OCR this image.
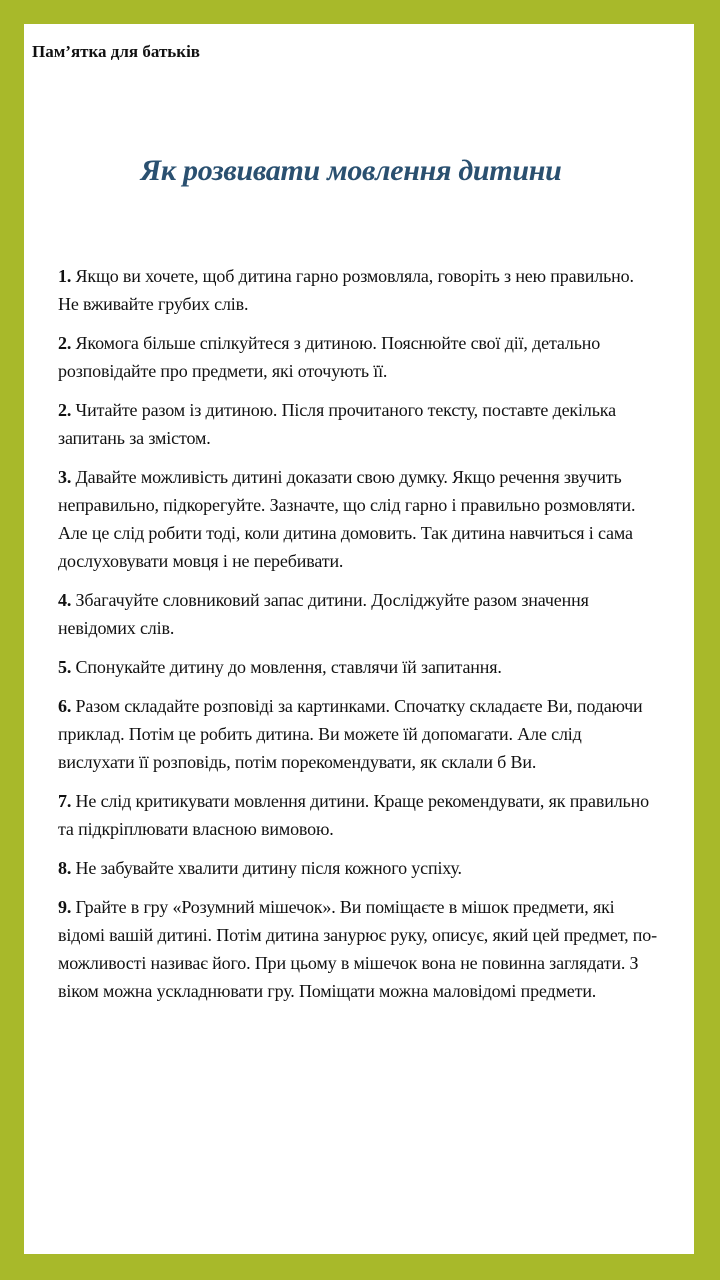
Пам’ятка для батьків
Як розвивати мовлення дитини
1. Якщо ви хочете, щоб дитина гарно розмовляла, говоріть з нею правильно. Не вживайте грубих слів.
2. Якомога більше спілкуйтеся з дитиною. Пояснюйте свої дії, детально розповідайте про предмети, які оточують її.
2. Читайте разом із дитиною. Після прочитаного тексту, поставте декілька запитань за змістом.
3. Давайте можливість дитині доказати свою думку. Якщо речення звучить неправильно, підкорегуйте. Зазначте, що слід гарно і правильно розмовляти. Але це слід робити тоді, коли дитина домовить. Так дитина навчиться і сама дослуховувати мовця і не перебивати.
4. Збагачуйте словниковий запас дитини. Досліджуйте разом значення невідомих слів.
5. Спонукайте дитину до мовлення, ставлячи їй запитання.
6. Разом складайте розповіді за картинками. Спочатку складаєте Ви, подаючи приклад. Потім це робить дитина. Ви можете їй допомагати. Але слід вислухати її розповідь, потім порекомендувати, як склали б Ви.
7. Не слід критикувати мовлення дитини. Краще рекомендувати, як правильно та підкріплювати власною вимовою.
8. Не забувайте хвалити дитину після кожного успіху.
9. Грайте в гру «Розумний мішечок». Ви поміщаєте в мішок предмети, які відомі вашій дитині. Потім дитина занурює руку, описує, який цей предмет, по-можливості називає його. При цьому в мішечок вона не повинна заглядати. З віком можна ускладнювати гру. Поміщати можна маловідомі предмети.
